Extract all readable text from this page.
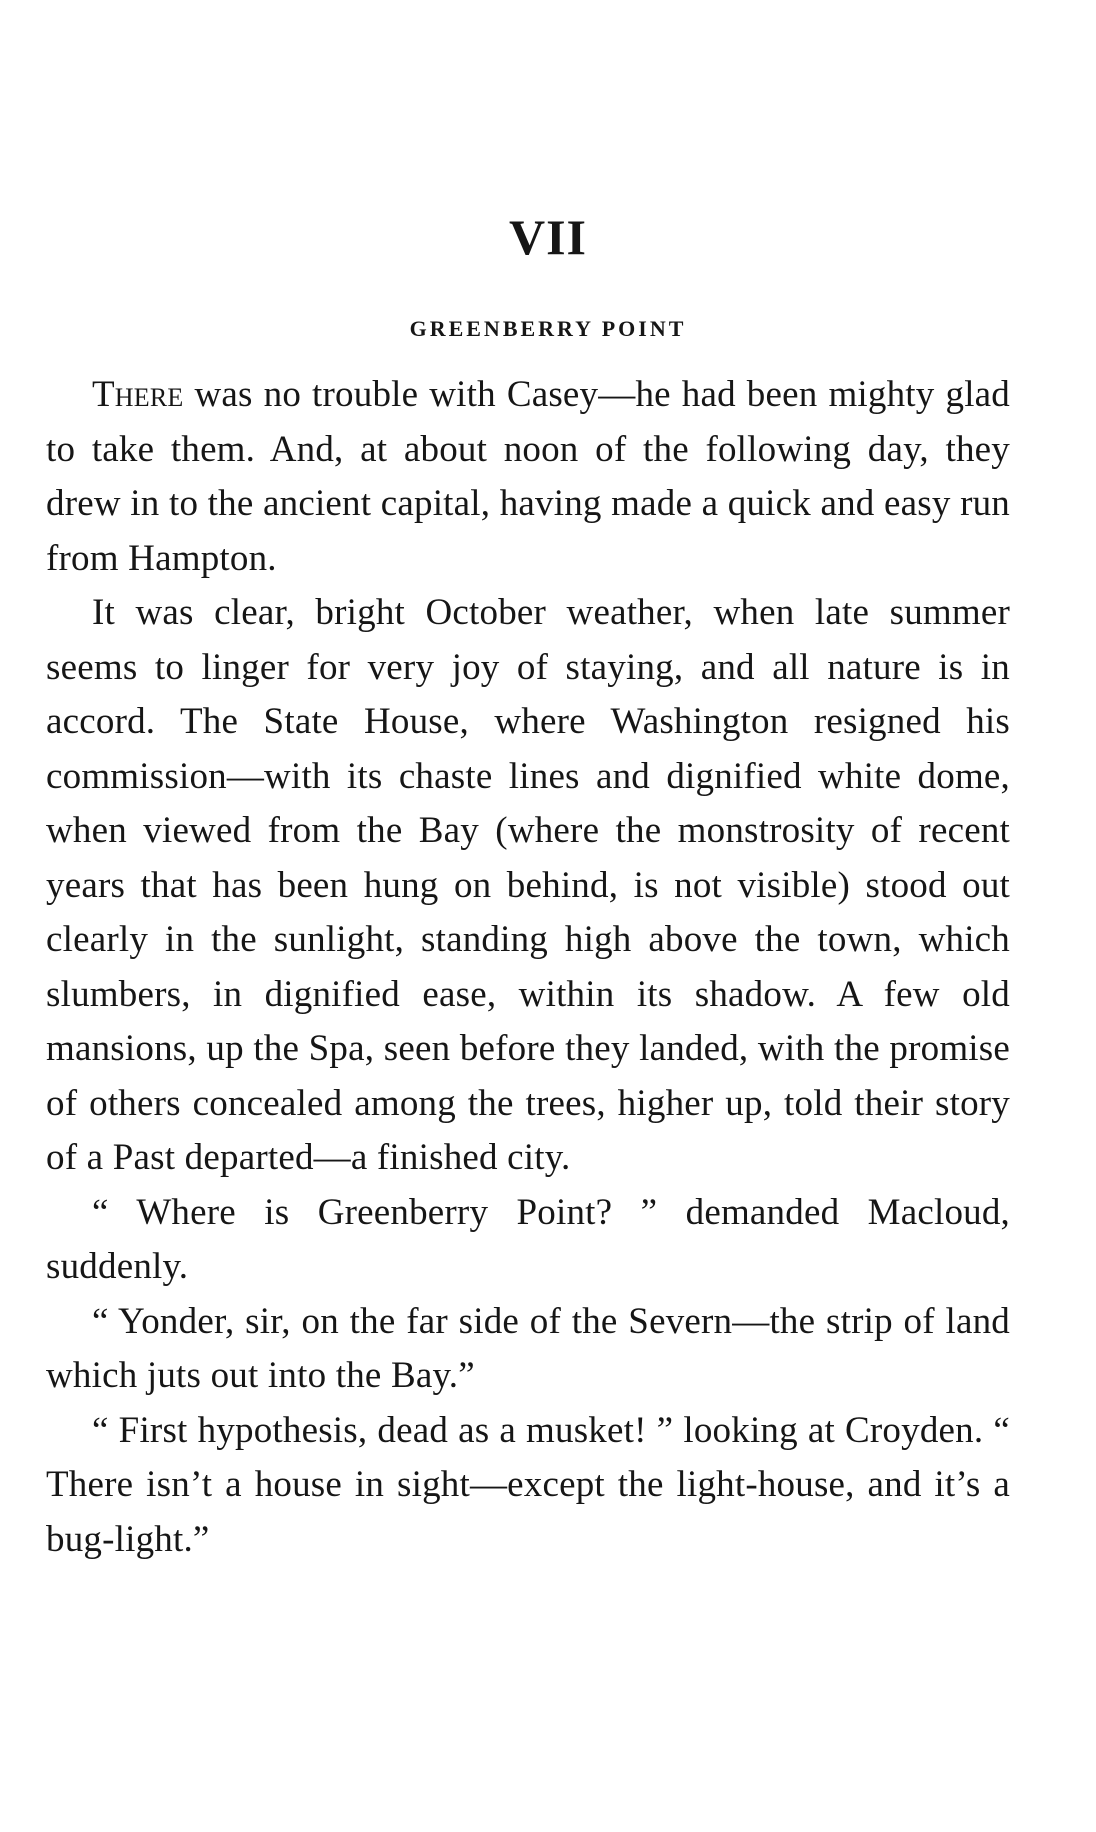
VII
GREENBERRY POINT

There was no trouble with Casey—he had been mighty glad to take them. And, at about noon of the following day, they drew in to the ancient capital, having made a quick and easy run from Hampton.

It was clear, bright October weather, when late summer seems to linger for very joy of staying, and all nature is in accord. The State House, where Washington resigned his commission—with its chaste lines and dignified white dome, when viewed from the Bay (where the monstrosity of recent years that has been hung on behind, is not visible) stood out clearly in the sunlight, standing high above the town, which slumbers, in dignified ease, within its shadow. A few old mansions, up the Spa, seen before they landed, with the promise of others concealed among the trees, higher up, told their story of a Past departed—a finished city.

“ Where is Greenberry Point? ” demanded Macloud, suddenly.

“ Yonder, sir, on the far side of the Severn—the strip of land which juts out into the Bay.”

“ First hypothesis, dead as a musket! ” looking at Croyden. “ There isn’t a house in sight—except the light-house, and it’s a bug-light.”
